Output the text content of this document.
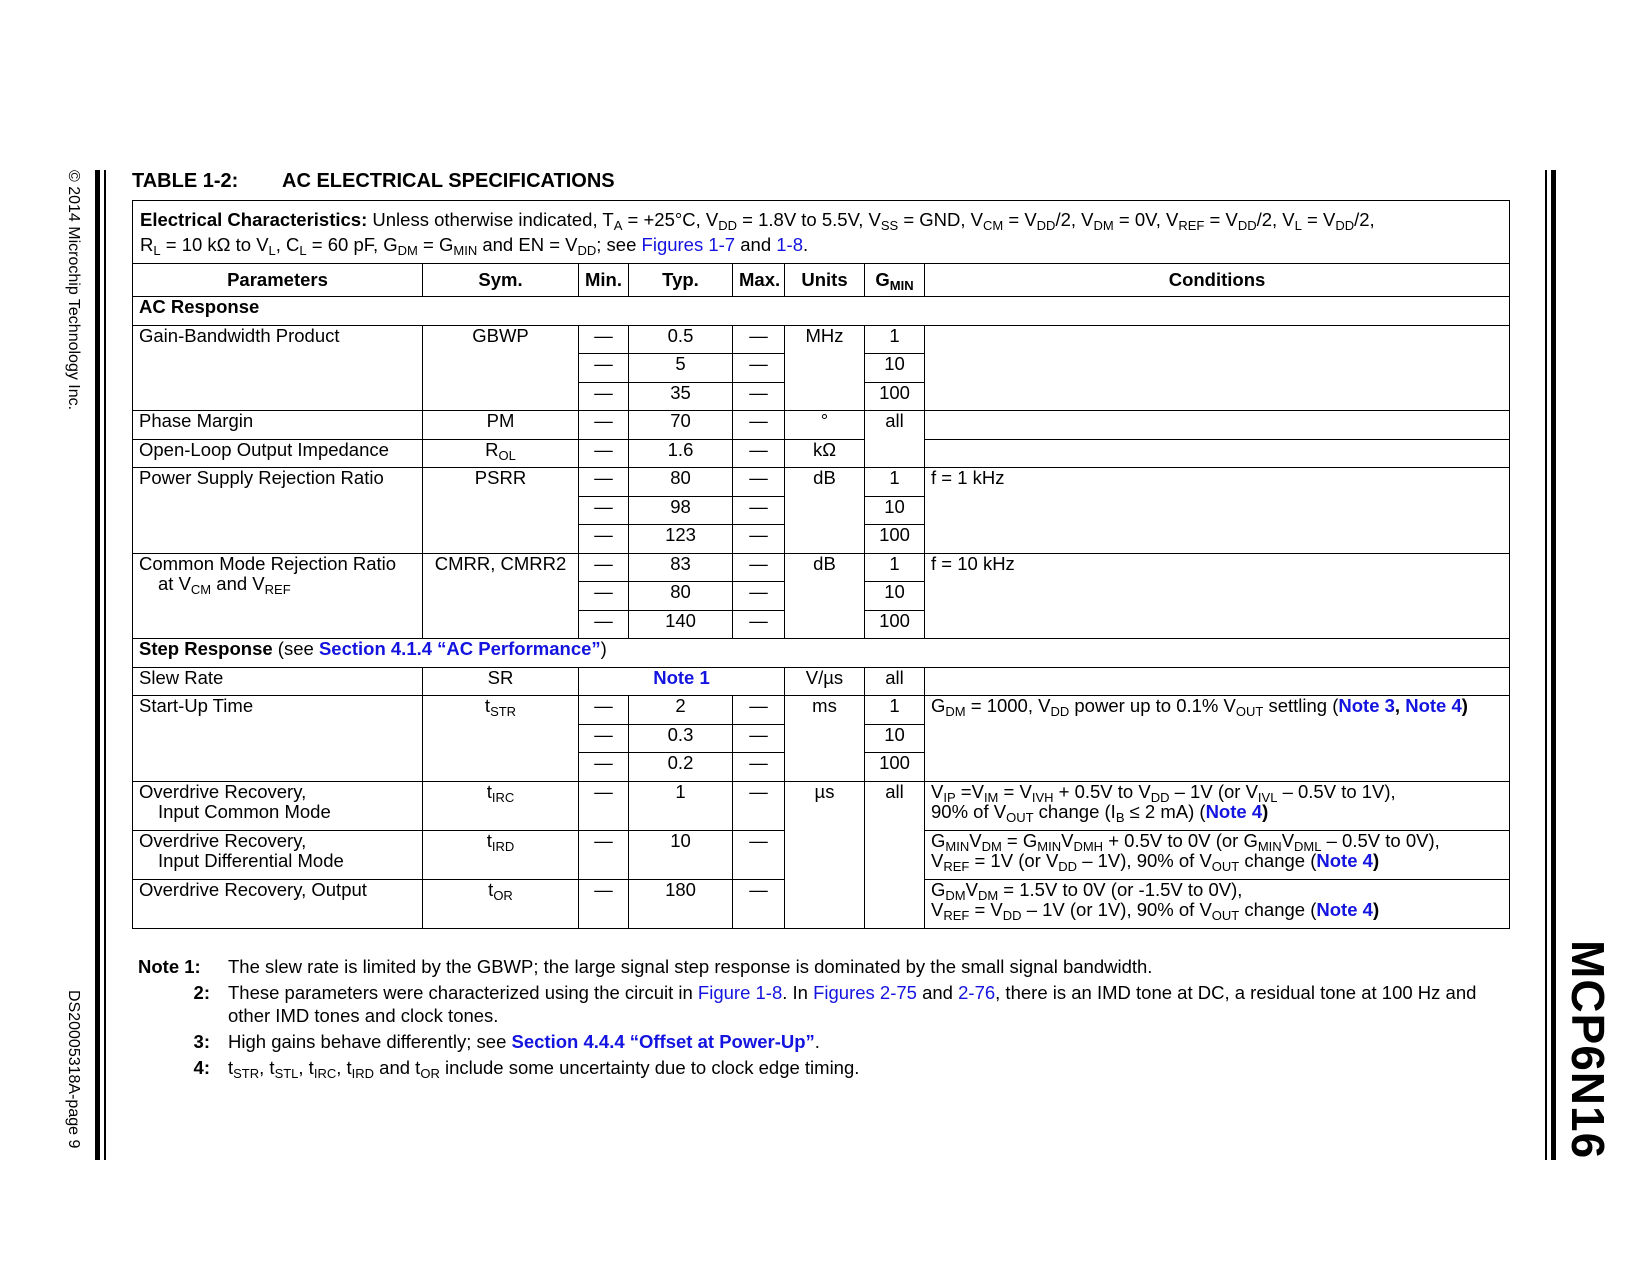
© 2014 Microchip Technology Inc.
DS20005318A-page 9	MCP6N16
TABLE 1-2: AC ELECTRICAL SPECIFICATIONS
Electrical Characteristics: Unless otherwise indicated, $T_A = +25^\circ C$, $V_{DD} = 1.8V$ to 5.5V, $V_{SS}$ = GND, $V_{CM} = V_{DD}/2$, $V_{DM} = 0V$, $V_{REF} = V_{DD}/2$, $V_L = V_{DD}/2$,
$R_L = 10$ kΩ to $V_L$, $C_L = 60$ pF, $G_{DM} = G_{MIN}$ and EN = $V_{DD}$; see Figures 1-7 and 1-8.							
Parameters	Sym.	Min.	Typ.	Max.	Units	$G_{MIN}$	Conditions
AC Response							
Gain-Bandwidth Product	GBWP	—	0.5	—	MHz	1	
		—	5	—		10	
		—	35	—		100	
Phase Margin	PM	—	70	—	°	all	
Open-Loop Output Impedance	$R_{OL}$	—	1.6	—	kΩ		
Power Supply Rejection Ratio	PSRR	—	80	—	dB	1	f = 1 kHz
		—	98	—		10	
		—	123	—		100	
Common Mode Rejection Ratio
at $V_{CM}$ and $V_{REF}$	CMRR, CMRR2	—	83	—	dB	1	f = 10 kHz
		—	80	—		10	
		—	140	—		100	
Step Response (see Section 4.1.4 “AC Performance”)							
Slew Rate	SR	Note 1			V/µs	all	
Start-Up Time	$t_{STR}$	—	2	—	ms	1	$G_{DM} = 1000$, $V_{DD}$ power up to 0.1% $V_{OUT}$ settling (Note 3, Note 4)
		—	0.3	—		10	
		—	0.2	—		100	
Overdrive Recovery,
Input Common Mode	$t_{IRC}$	—	1	—	µs	all	$V_{IP} =V_{IM} = V_{IVH} + 0.5V$ to $V_{DD} - 1V$ (or $V_{IVL} - 0.5V$ to 1V),
90% of $V_{OUT}$ change ($I_B \le 2$ mA) (Note 4)
Overdrive Recovery,
Input Differential Mode	$t_{IRD}$	—	10	—			$G_{MIN}V_{DM} = G_{MIN}V_{DMH} + 0.5V$ to 0V (or $G_{MIN}V_{DML} - 0.5V$ to 0V),
$V_{REF} = 1V$ (or $V_{DD} - 1V$), 90% of $V_{OUT}$ change (Note 4)
Overdrive Recovery, Output	$t_{OR}$	—	180	—			$G_{DM}V_{DM} = 1.5V$ to 0V (or -1.5V to 0V),
$V_{REF} = V_{DD} - 1V$ (or 1V), 90% of $V_{OUT}$ change (Note 4)
Note 1:	The slew rate is limited by the GBWP; the large signal step response is dominated by the small signal bandwidth.
2: These parameters were characterized using the circuit in Figure 1-8. In Figures 2-75 and 2-76, there is an IMD tone at DC, a residual tone at 100 Hz and other IMD tones and clock tones.
3: High gains behave differently; see Section 4.4.4 “Offset at Power-Up”.
4: $t_{STR}$, $t_{STL}$, $t_{IRC}$, $t_{IRD}$ and $t_{OR}$ include some uncertainty due to clock edge timing.
